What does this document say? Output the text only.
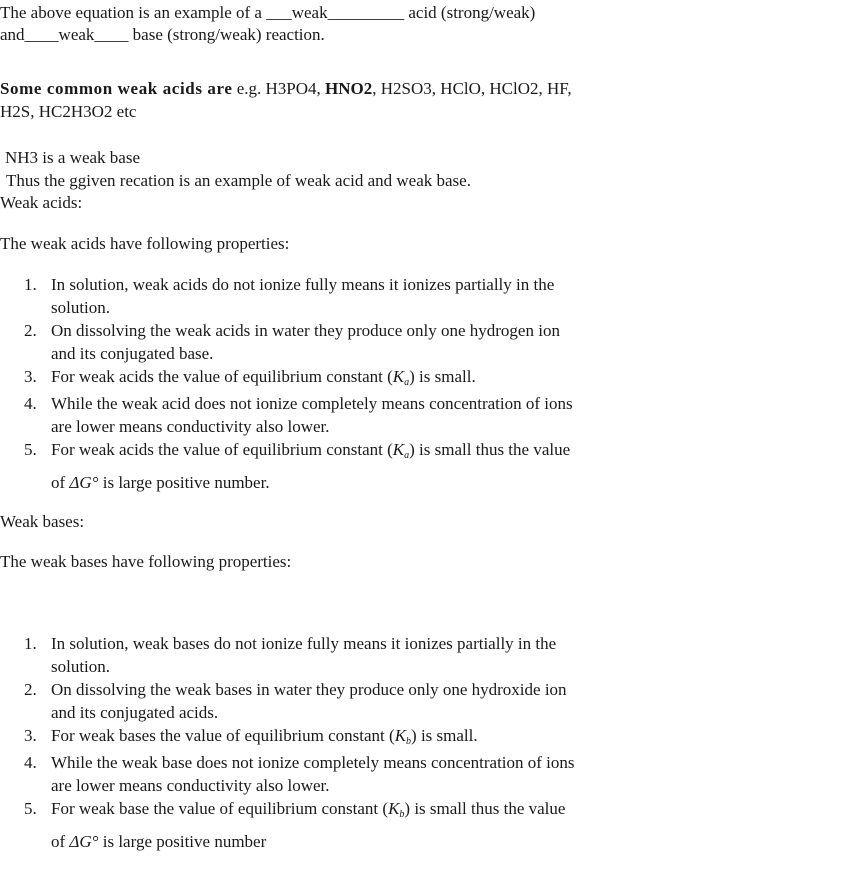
The above equation is an example of a ___weak_________ acid (strong/weak)
and____weak____ base (strong/weak) reaction.
Some common weak acids are e.g. H3PO4, HNO2, H2SO3, HClO, HClO2, HF,
H2S, HC2H3O2 etc
NH3 is a weak base
Thus the ggiven recation is an example of weak acid and weak base.
Weak acids:
The weak acids have following properties:
1. In solution, weak acids do not ionize fully means it ionizes partially in the
solution.
2. On dissolving the weak acids in water they produce only one hydrogen ion
and its conjugated base.
3. For weak acids the value of equilibrium constant $(K_a)$ is small.
4. While the weak acid does not ionize completely means concentration of ions
are lower means conductivity also lower.
5. For weak acids the value of equilibrium constant $(K_a)$ is small thus the value
of ΔG° is large positive number.
Weak bases:
The weak bases have following properties:
1. In solution, weak bases do not ionize fully means it ionizes partially in the
solution.
2. On dissolving the weak bases in water they produce only one hydroxide ion
and its conjugated acids.
3. For weak bases the value of equilibrium constant $(K_b)$ is small.
4. While the weak base does not ionize completely means concentration of ions
are lower means conductivity also lower.
5. For weak base the value of equilibrium constant $(K_b)$ is small thus the value
of ΔG° is large positive number
